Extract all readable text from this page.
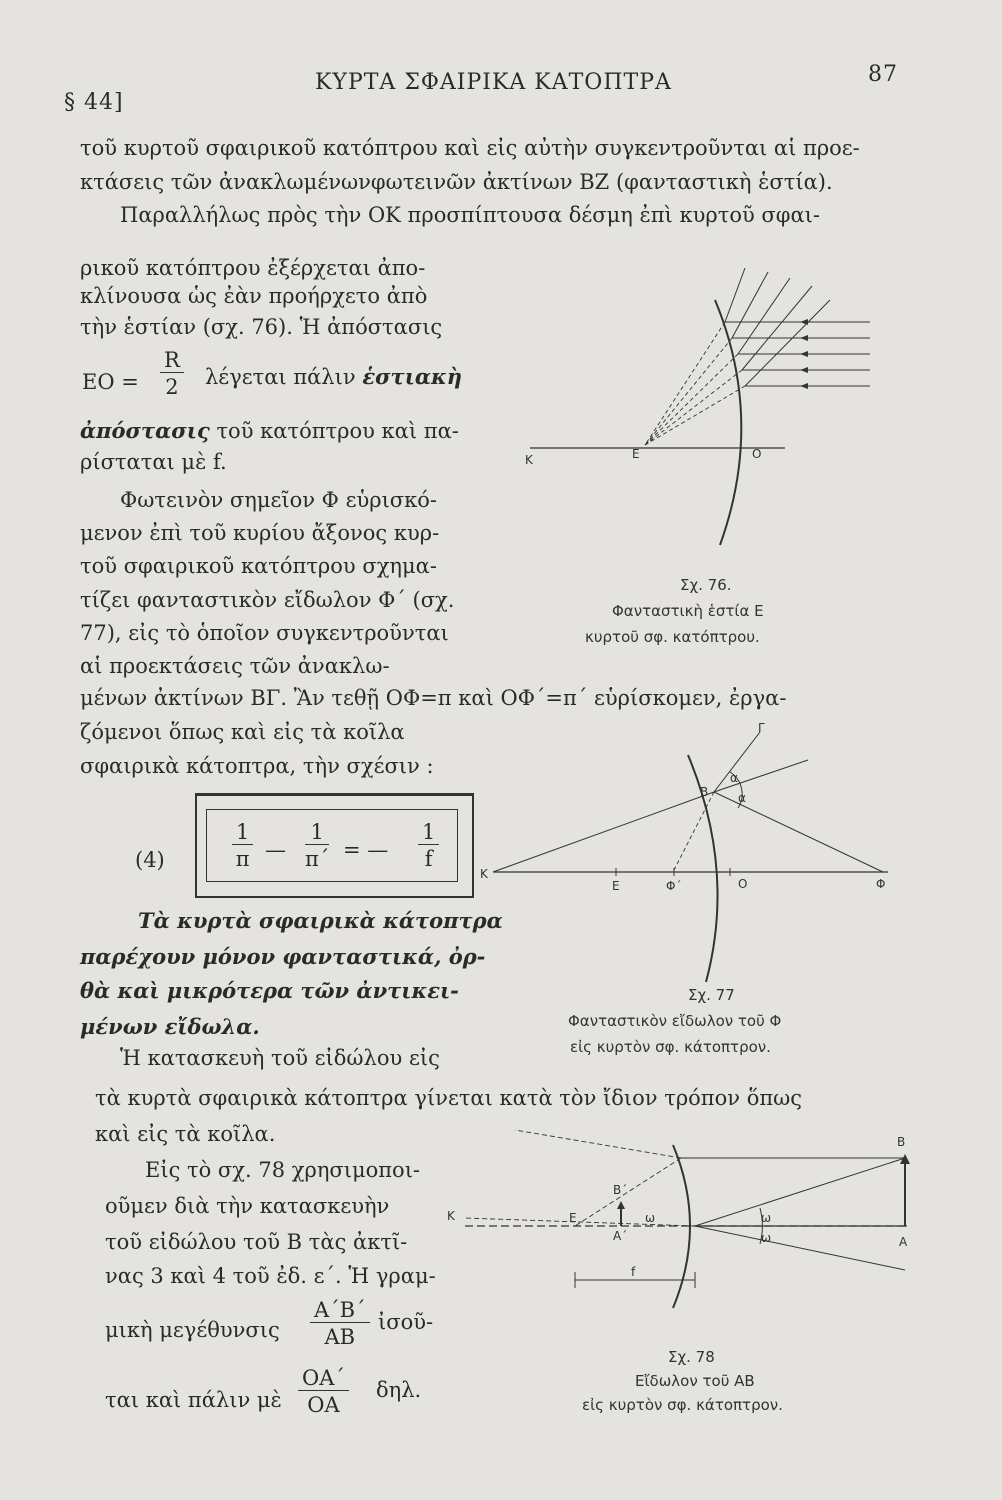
§ 44]
ΚΥΡΤΑ ΣΦΑΙΡΙΚΑ ΚΑΤΟΠΤΡΑ	87
τοῦ κυρτοῦ σφαιρικοῦ κατόπτρου καὶ εἰς αὐτὴν συγκεντροῦνται αἱ προε-
κτάσεις τῶν ἀνακλωμένωνφωτεινῶν ἀκτίνων ΒΖ (φανταστικὴ ἑστία).
Παραλλήλως πρὸς τὴν ΟΚ προσπίπτουσα δέσμη ἐπὶ κυρτοῦ σφαι-
ρικοῦ κατόπτρου ἐξέρχεται ἀπο-
κλίνουσα ὡς ἐὰν προήρχετο ἀπὸ
τὴν ἑστίαν (σχ. 76). Ἡ ἀπόστασις
$EO = \frac{R}{2}$ λέγεται πάλιν ἑστιακὴ
ἀπόστασις τοῦ κατόπτρου καὶ πα-
ρίσταται μὲ f.
Φωτεινὸν σημεῖον Φ εὑρισκό-
μενον ἐπὶ τοῦ κυρίου ἄξονος κυρ-
τοῦ σφαιρικοῦ κατόπτρου σχημα-
τίζει φανταστικὸν εἴδωλον Φ΄ (σχ.
77), εἰς τὸ ὁποῖον συγκεντροῦνται
αἱ προεκτάσεις τῶν ἀνακλω-
μένων ἀκτίνων ΒΓ. Ἂν τεθῇ ΟΦ=π καὶ ΟΦ΄=π΄ εὑρίσκομεν, ἐργα-
ζόμενοι ὅπως καὶ εἰς τὰ κοῖλα
σφαιρικὰ κάτοπτρα, τὴν σχέσιν :
(4)	$\frac{1}{\pi}$ — $\frac{1}{\pi΄}$ = — $\frac{1}{f}$
Τὰ κυρτὰ σφαιρικὰ κάτοπτρα
παρέχουν μόνον φανταστικά, ὀρ-
θὰ καὶ μικρότερα τῶν ἀντικει-
μένων εἴδωλα.
Ἡ κατασκευὴ τοῦ εἰδώλου εἰς
τὰ κυρτὰ σφαιρικὰ κάτοπτρα γίνεται κατὰ τὸν ἴδιον τρόπον ὅπως
καὶ εἰς τὰ κοῖλα.
Εἰς τὸ σχ. 78 χρησιμοποι-
οῦμεν διὰ τὴν κατασκευὴν
τοῦ εἰδώλου τοῦ Β τὰς ἀκτῖ-
νας 3 καὶ 4 τοῦ ἐδ. ε΄. Ἡ γραμ-
μικὴ μεγέθυνσις $\frac{A΄B΄}{AB}$ ἰσοῦ-
ται καὶ πάλιν μὲ $\frac{OA΄}{OA} \delta\eta\lambda$.
Κ	Ε	Ο
Σχ. 76.
Φανταστικὴ ἑστία Ε
κυρτοῦ σφ. κατόπτρου.
Γ
Β
α
α
Κ
Ε	Φ΄	Ο	Φ
Σχ. 77
Φανταστικὸν εἴδωλον τοῦ Φ
εἰς κυρτὸν σφ. κάτοπτρον.
Κ	Ε
Β΄
Α΄
ω	ω
ω
Β
Α
f
Σχ. 78
Εἴδωλον τοῦ ΑΒ
εἰς κυρτὸν σφ. κάτοπτρον.
